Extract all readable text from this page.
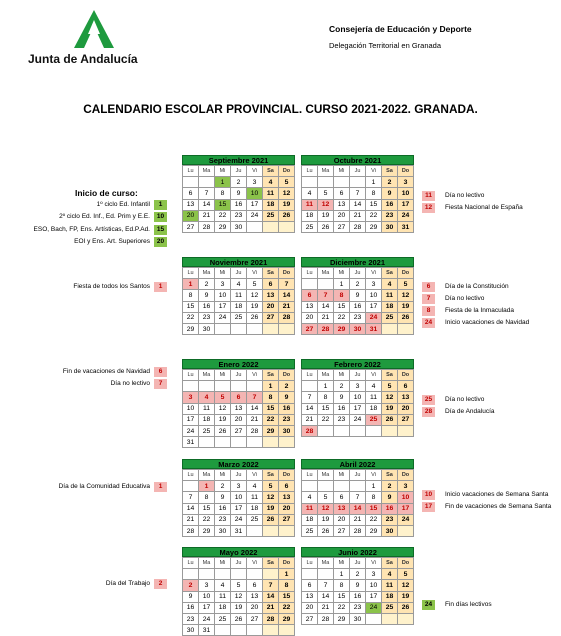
Junta de Andalucía
Consejería de Educación y Deporte
Delegación Territorial en Granada
CALENDARIO ESCOLAR PROVINCIAL. CURSO 2021-2022. GRANADA.
Inicio de curso:
Septiembre 2021
Lu	Ma	Mi	Ju	Vi	Sa	Do
		1	2	3	4	5
6	7	8	9	10	11	12
13	14	15	16	17	18	19
20	21	22	23	24	25	26
27	28	29	30			
Octubre 2021
Lu	Ma	Mi	Ju	Vi	Sa	Do
				1	2	3
4	5	6	7	8	9	10
11	12	13	14	15	16	17
18	19	20	21	22	23	24
25	26	27	28	29	30	31
Noviembre 2021
Lu	Ma	Mi	Ju	Vi	Sa	Do
1	2	3	4	5	6	7
8	9	10	11	12	13	14
15	16	17	18	19	20	21
22	23	24	25	26	27	28
29	30					
Diciembre 2021
Lu	Ma	Mi	Ju	Vi	Sa	Do
		1	2	3	4	5
6	7	8	9	10	11	12
13	14	15	16	17	18	19
20	21	22	23	24	25	26
27	28	29	30	31		
Enero 2022
Lu	Ma	Mi	Ju	Vi	Sa	Do
					1	2
3	4	5	6	7	8	9
10	11	12	13	14	15	16
17	18	19	20	21	22	23
24	25	26	27	28	29	30
31						
Febrero 2022
Lu	Ma	Mi	Ju	Vi	Sa	Do
	1	2	3	4	5	6
7	8	9	10	11	12	13
14	15	16	17	18	19	20
21	22	23	24	25	26	27
28						
Marzo 2022
Lu	Ma	Mi	Ju	Vi	Sa	Do
	1	2	3	4	5	6
7	8	9	10	11	12	13
14	15	16	17	18	19	20
21	22	23	24	25	26	27
28	29	30	31			
Abril 2022
Lu	Ma	Mi	Ju	Vi	Sa	Do
				1	2	3
4	5	6	7	8	9	10
11	12	13	14	15	16	17
18	19	20	21	22	23	24
25	26	27	28	29	30	
Mayo 2022
Lu	Ma	Mi	Ju	Vi	Sa	Do
						1
2	3	4	5	6	7	8
9	10	11	12	13	14	15
16	17	18	19	20	21	22
23	24	25	26	27	28	29
30	31					
Junio 2022
Lu	Ma	Mi	Ju	Vi	Sa	Do
		1	2	3	4	5
6	7	8	9	10	11	12
13	14	15	16	17	18	19
20	21	22	23	24	25	26
27	28	29	30			
1º ciclo Ed. Infantil	1
2º ciclo Ed. Inf., Ed. Prim y E.E.	10
ESO, Bach, FP, Ens. Artísticas, Ed.P.Ad.	15
EOI y Ens. Art. Superiores	20
Fiesta de todos los Santos	1
Fin de vacaciones de Navidad	6
Día no lectivo	7
Día de la Comunidad Educativa	1
Día del Trabajo	2
11	Día no lectivo
12	Fiesta Nacional de España
6	Día de la Constitución
7	Día no lectivo
8	Fiesta de la Inmaculada
24	Inicio vacaciones de Navidad
25	Día no lectivo
28	Día de Andalucía
10	Inicio vacaciones de Semana Santa
17	Fin de vacaciones de Semana Santa
24	Fin días lectivos
